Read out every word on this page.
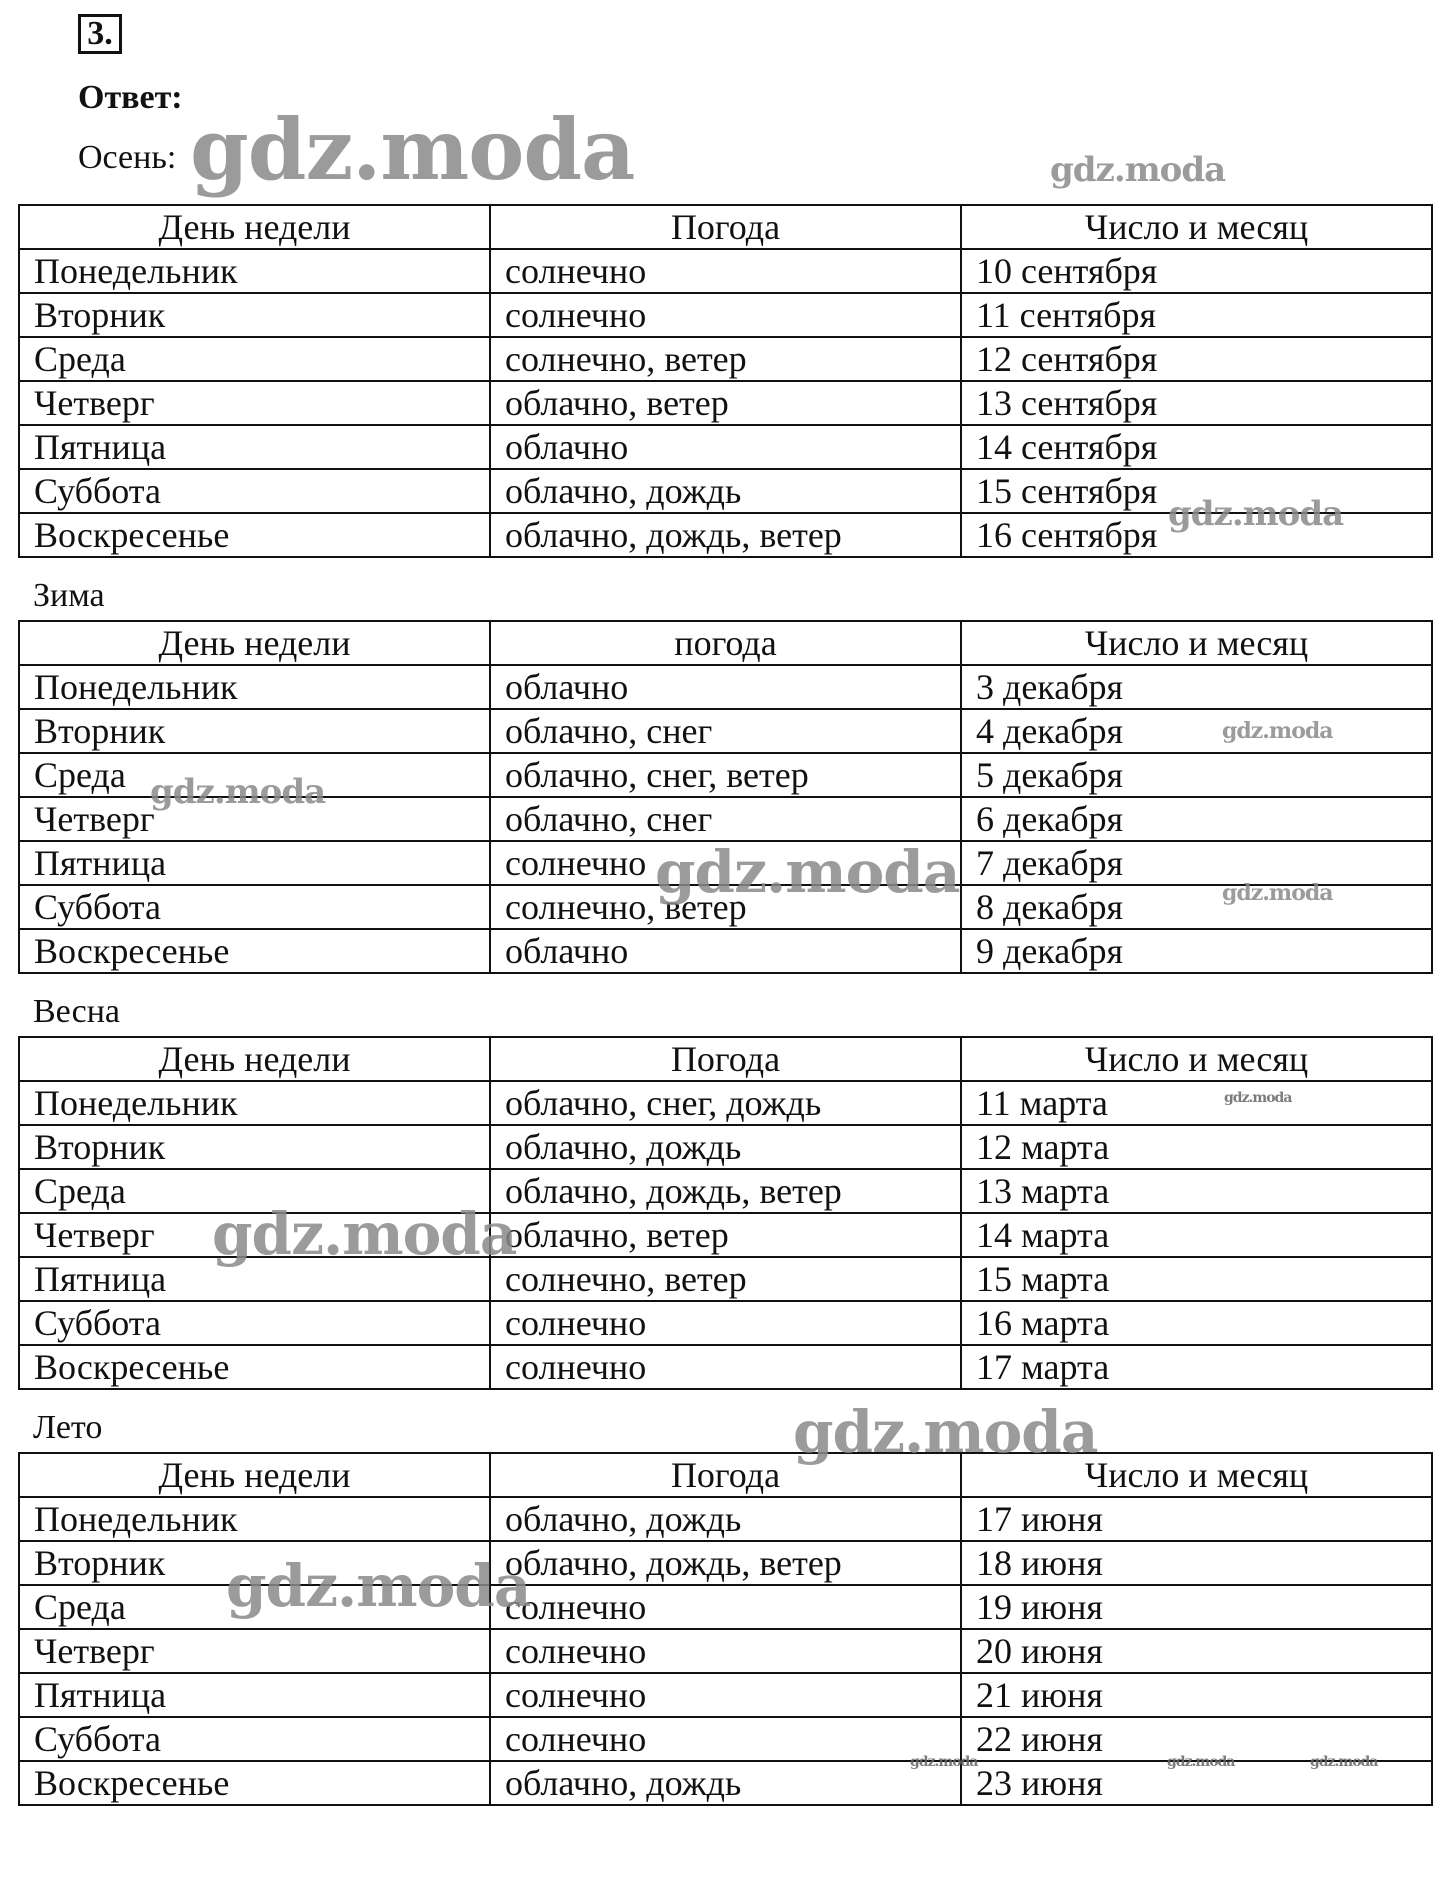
3.
Ответ:
Осень:
День недели	Погода	Число и месяц
Понедельник	солнечно	10 сентября
Вторник	солнечно	11 сентября
Среда	солнечно, ветер	12 сентября
Четверг	облачно, ветер	13 сентября
Пятница	облачно	14 сентября
Суббота	облачно, дождь	15 сентября
Воскресенье	облачно, дождь, ветер	16 сентября
Зима
День недели	погода	Число и месяц
Понедельник	облачно	3 декабря
Вторник	облачно, снег	4 декабря
Среда	облачно, снег, ветер	5 декабря
Четверг	облачно, снег	6 декабря
Пятница	солнечно	7 декабря
Суббота	солнечно, ветер	8 декабря
Воскресенье	облачно	9 декабря
Весна
День недели	Погода	Число и месяц
Понедельник	облачно, снег, дождь	11 марта
Вторник	облачно, дождь	12 марта
Среда	облачно, дождь, ветер	13 марта
Четверг	облачно, ветер	14 марта
Пятница	солнечно, ветер	15 марта
Суббота	солнечно	16 марта
Воскресенье	солнечно	17 марта
Лето
День недели	Погода	Число и месяц
Понедельник	облачно, дождь	17 июня
Вторник	облачно, дождь, ветер	18 июня
Среда	солнечно	19 июня
Четверг	солнечно	20 июня
Пятница	солнечно	21 июня
Суббота	солнечно	22 июня
Воскресенье	облачно, дождь	23 июня
gdz.moda	gdz.moda
gdz.moda
gdz.moda
gdz.moda
gdz.moda	gdz.moda
gdz.moda
gdz.moda
gdz.moda
gdz.moda
gdz.moda	gdz.moda	gdz.moda
